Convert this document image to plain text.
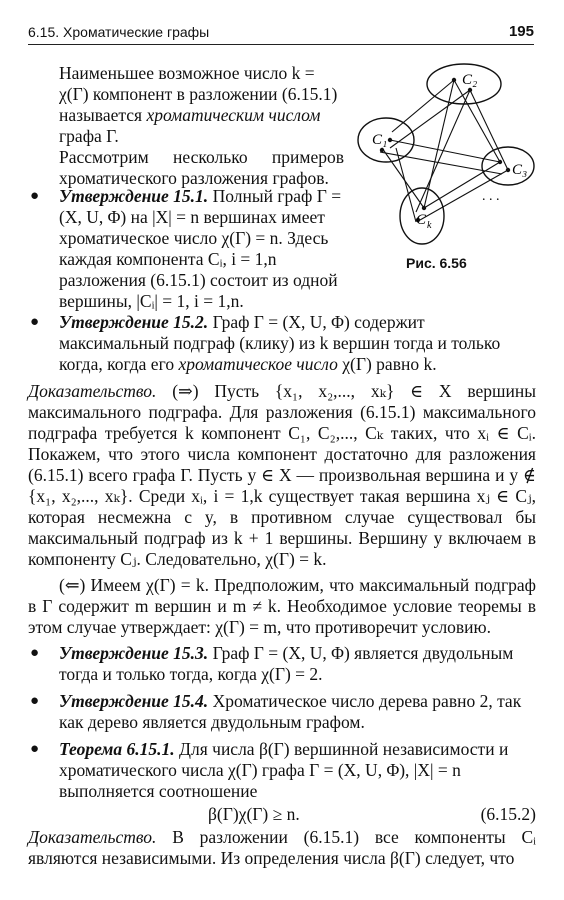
6.15. Хроматические графы	195

Наименьшее возможное число k = χ(Г) компонент в разложении (6.15.1) называется хроматическим числом графа Г.

Рассмотрим несколько примеров хроматического разложения графов.

C₂
C₁
C₃
C k
. . .
Рис. 6.56
● Утверждение 15.1. Полный граф Г = (X, U, Φ) на |X| = n вершинах имеет хроматическое число χ(Г) = n. Здесь каждая компонента Cᵢ, i = 1,n разложения (6.15.1) состоит из одной вершины, |Cᵢ| = 1, i = 1,n.
● Утверждение 15.2. Граф Г = (X, U, Φ) содержит максимальный подграф (клику) из k вершин тогда и только когда, когда его хроматическое число χ(Г) равно k.

Доказательство. (⇒) Пусть {x₁, x₂,..., xₖ} ∈ X вершины максимального подграфа. Для разложения (6.15.1) максимального подграфа требуется k компонент C₁, C₂,..., Cₖ таких, что xᵢ ∈ Cᵢ. Покажем, что этого числа компонент достаточно для разложения (6.15.1) всего графа Г. Пусть y ∈ X — произвольная вершина и y ∉ {x₁, x₂,..., xₖ}. Среди xᵢ, i = 1,k существует такая вершина xⱼ ∈ Cⱼ, которая несмежна с y, в противном случае существовал бы максимальный подграф из k + 1 вершины. Вершину y включаем в компоненту Cⱼ. Следовательно, χ(Г) = k.

(⇐) Имеем χ(Г) = k. Предположим, что максимальный подграф в Г содержит m вершин и m ≠ k. Необходимое условие теоремы в этом случае утверждает: χ(Г) = m, что противоречит условию.

● Утверждение 15.3. Граф Г = (X, U, Φ) является двудольным тогда и только тогда, когда χ(Г) = 2.
● Утверждение 15.4. Хроматическое число дерева равно 2, так как дерево является двудольным графом.
● Теорема 6.15.1. Для числа β(Г) вершинной независимости и хроматического числа χ(Г) графа Г = (X, U, Φ), |X| = n выполняется соотношение
β(Г)χ(Г) ≥ n.	(6.15.2)

Доказательство. В разложении (6.15.1) все компоненты Cᵢ являются независимыми. Из определения числа β(Г) следует, что
